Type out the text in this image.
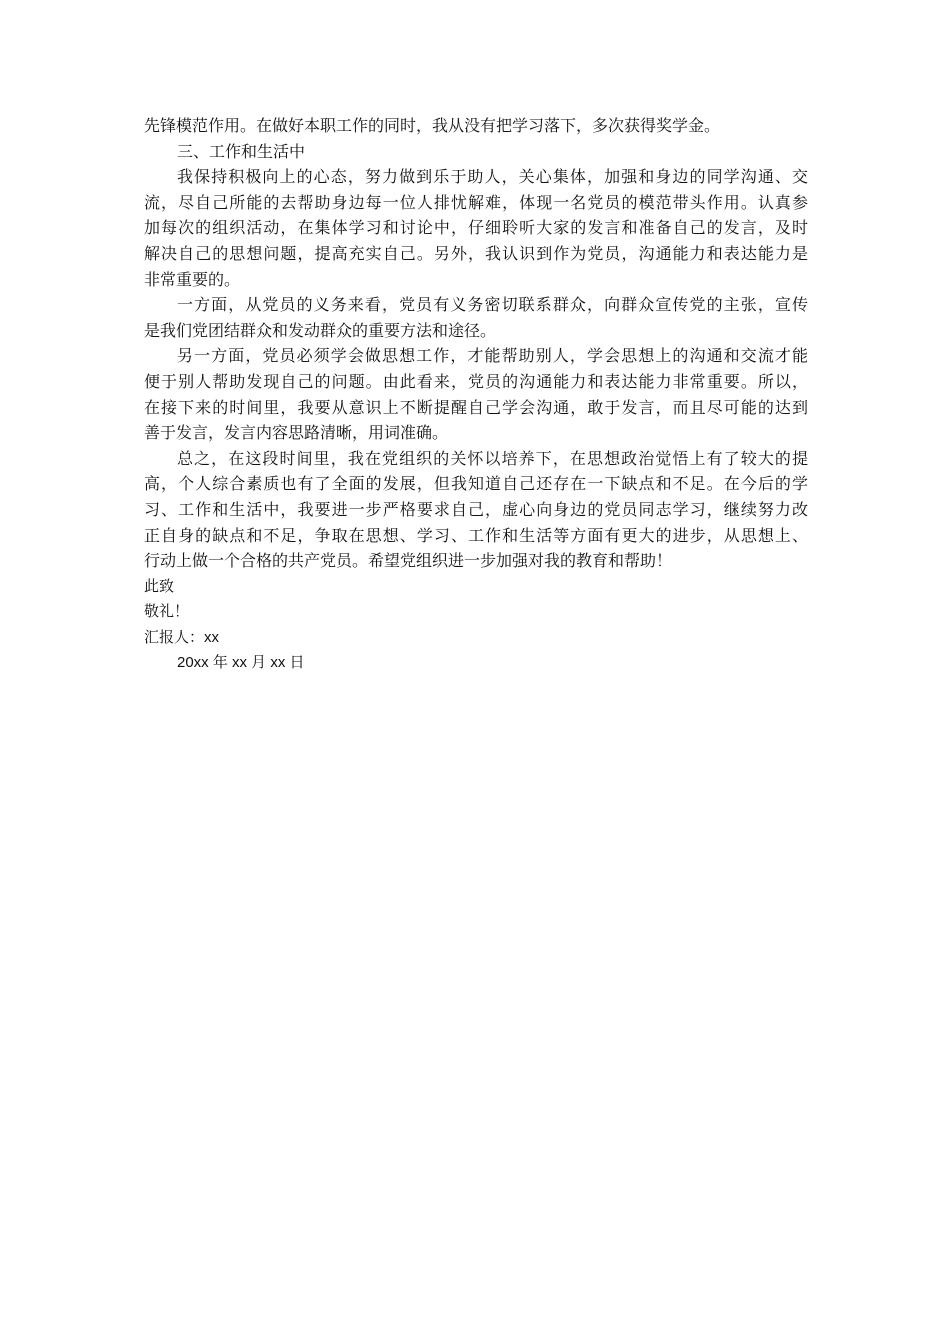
先锋模范作用。在做好本职工作的同时，我从没有把学习落下，多次获得奖学金。
三、工作和生活中
我保持积极向上的心态，努力做到乐于助人，关心集体，加强和身边的同学沟通、交
流，尽自己所能的去帮助身边每一位人排忧解难，体现一名党员的模范带头作用。认真参
加每次的组织活动，在集体学习和讨论中，仔细聆听大家的发言和准备自己的发言，及时
解决自己的思想问题，提高充实自己。另外，我认识到作为党员，沟通能力和表达能力是
非常重要的。
一方面，从党员的义务来看，党员有义务密切联系群众，向群众宣传党的主张，宣传
是我们党团结群众和发动群众的重要方法和途径。
另一方面，党员必须学会做思想工作，才能帮助别人，学会思想上的沟通和交流才能
便于别人帮助发现自己的问题。由此看来，党员的沟通能力和表达能力非常重要。所以，
在接下来的时间里，我要从意识上不断提醒自己学会沟通，敢于发言，而且尽可能的达到
善于发言，发言内容思路清晰，用词准确。
总之，在这段时间里，我在党组织的关怀以培养下，在思想政治觉悟上有了较大的提
高，个人综合素质也有了全面的发展，但我知道自己还存在一下缺点和不足。在今后的学
习、工作和生活中，我要进一步严格要求自己，虚心向身边的党员同志学习，继续努力改
正自身的缺点和不足，争取在思想、学习、工作和生活等方面有更大的进步，从思想上、
行动上做一个合格的共产党员。希望党组织进一步加强对我的教育和帮助！
此致
敬礼！
汇报人：xx
20xx 年 xx 月 xx 日
